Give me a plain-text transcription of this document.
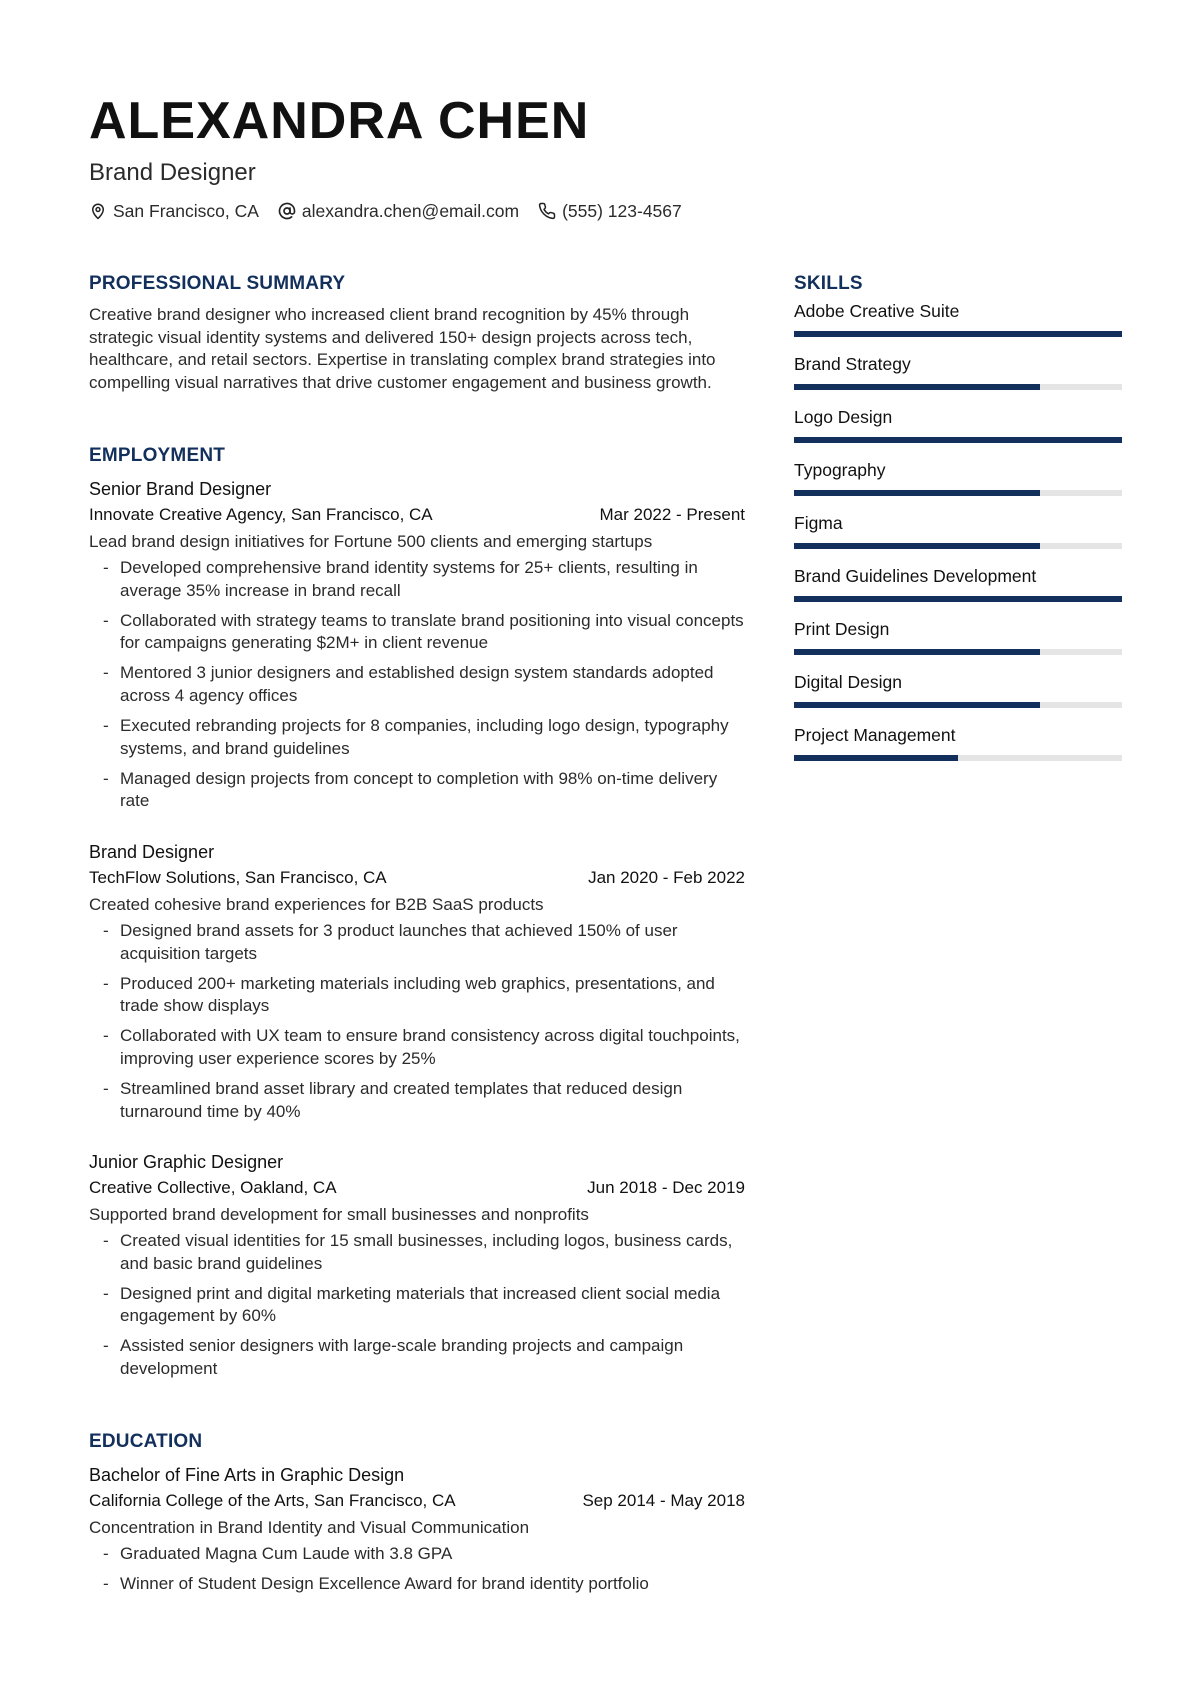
ALEXANDRA CHEN
Brand Designer
San Francisco, CA alexandra.chen@email.com (555) 123-4567
PROFESSIONAL SUMMARY

Creative brand designer who increased client brand recognition by 45% through strategic visual identity systems and delivered 150+ design projects across tech, healthcare, and retail sectors. Expertise in translating complex brand strategies into compelling visual narratives that drive customer engagement and business growth.

EMPLOYMENT
Senior Brand Designer
Innovate Creative Agency, San Francisco, CA	Mar 2022 - Present
Lead brand design initiatives for Fortune 500 clients and emerging startups
- Developed comprehensive brand identity systems for 25+ clients, resulting in average 35% increase in brand recall
- Collaborated with strategy teams to translate brand positioning into visual concepts for campaigns generating $2M+ in client revenue
- Mentored 3 junior designers and established design system standards adopted across 4 agency offices
- Executed rebranding projects for 8 companies, including logo design, typography systems, and brand guidelines
- Managed design projects from concept to completion with 98% on-time delivery rate
Brand Designer
TechFlow Solutions, San Francisco, CA	Jan 2020 - Feb 2022
Created cohesive brand experiences for B2B SaaS products
- Designed brand assets for 3 product launches that achieved 150% of user acquisition targets
- Produced 200+ marketing materials including web graphics, presentations, and trade show displays
- Collaborated with UX team to ensure brand consistency across digital touchpoints, improving user experience scores by 25%
- Streamlined brand asset library and created templates that reduced design turnaround time by 40%
Junior Graphic Designer
Creative Collective, Oakland, CA	Jun 2018 - Dec 2019
Supported brand development for small businesses and nonprofits
- Created visual identities for 15 small businesses, including logos, business cards, and basic brand guidelines
- Designed print and digital marketing materials that increased client social media engagement by 60%
- Assisted senior designers with large-scale branding projects and campaign development
EDUCATION
Bachelor of Fine Arts in Graphic Design
California College of the Arts, San Francisco, CA	Sep 2014 - May 2018
Concentration in Brand Identity and Visual Communication
- Graduated Magna Cum Laude with 3.8 GPA
- Winner of Student Design Excellence Award for brand identity portfolio
SKILLS
Adobe Creative Suite
Brand Strategy
Logo Design
Typography
Figma
Brand Guidelines Development
Print Design
Digital Design
Project Management
